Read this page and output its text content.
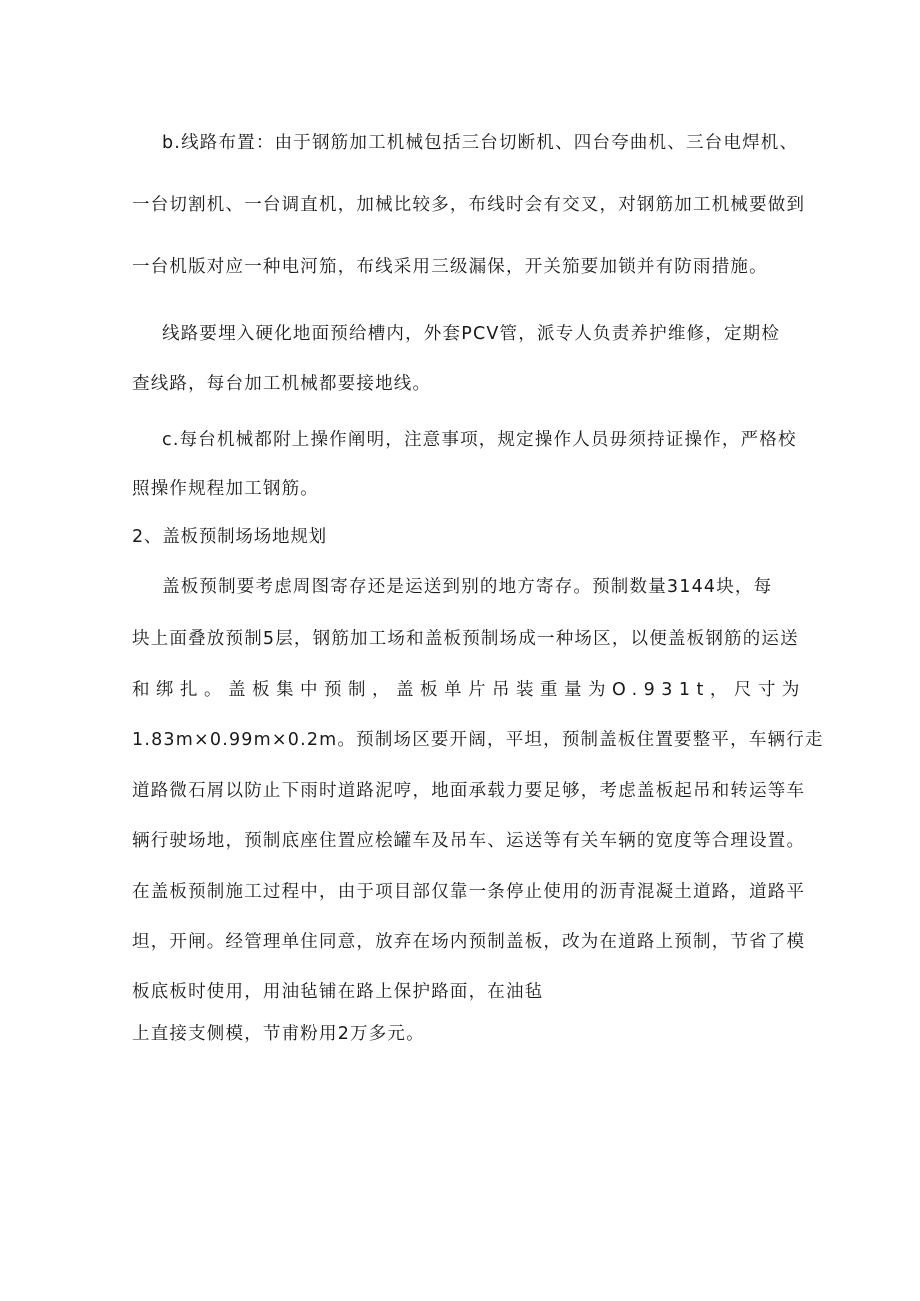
b.线路布置：由于钢筋加工机械包括三台切断机、四台夸曲机、三台电焊机、
一台切割机、一台调直机，加械比较多，布线时会有交叉，对钢筋加工机械要做到
一台机版对应一种电河笳，布线采用三级漏保，开关笳要加锁并有防雨措施。
线路要埋入硬化地面预给槽内，外套PCV管，派专人负责养护维修，定期检
查线路，每台加工机械都要接地线。
c.每台机械都附上操作阐明，注意事项，规定操作人员毋须持证操作，严格校
照操作规程加工钢筋。
2、盖板预制场场地规划
盖板预制要考虑周图寄存还是运送到别的地方寄存。预制数量3144块，每
块上面叠放预制5层，钢筋加工场和盖板预制场成一种场区，以便盖板钢筋的运送
和绑扎。盖板集中预制，盖板单片吊装重量为O.931t，尺寸为
1.83m×0.99m×0.2m。预制场区要开阔，平坦，预制盖板住置要整平，车辆行走
道路微石屑以防止下雨时道路泥哼，地面承载力要足够，考虑盖板起吊和转运等车
辆行驶场地，预制底座住置应桧罐车及吊车、运送等有关车辆的宽度等合理设置。
在盖板预制施工过程中，由于项目部仅靠一条停止使用的沥青混凝土道路，道路平
坦，开闸。经管理单住同意，放弃在场内预制盖板，改为在道路上预制，节省了模
板底板时使用，用油毡铺在路上保护路面，在油毡
上直接支侧模，节甫粉用2万多元。
